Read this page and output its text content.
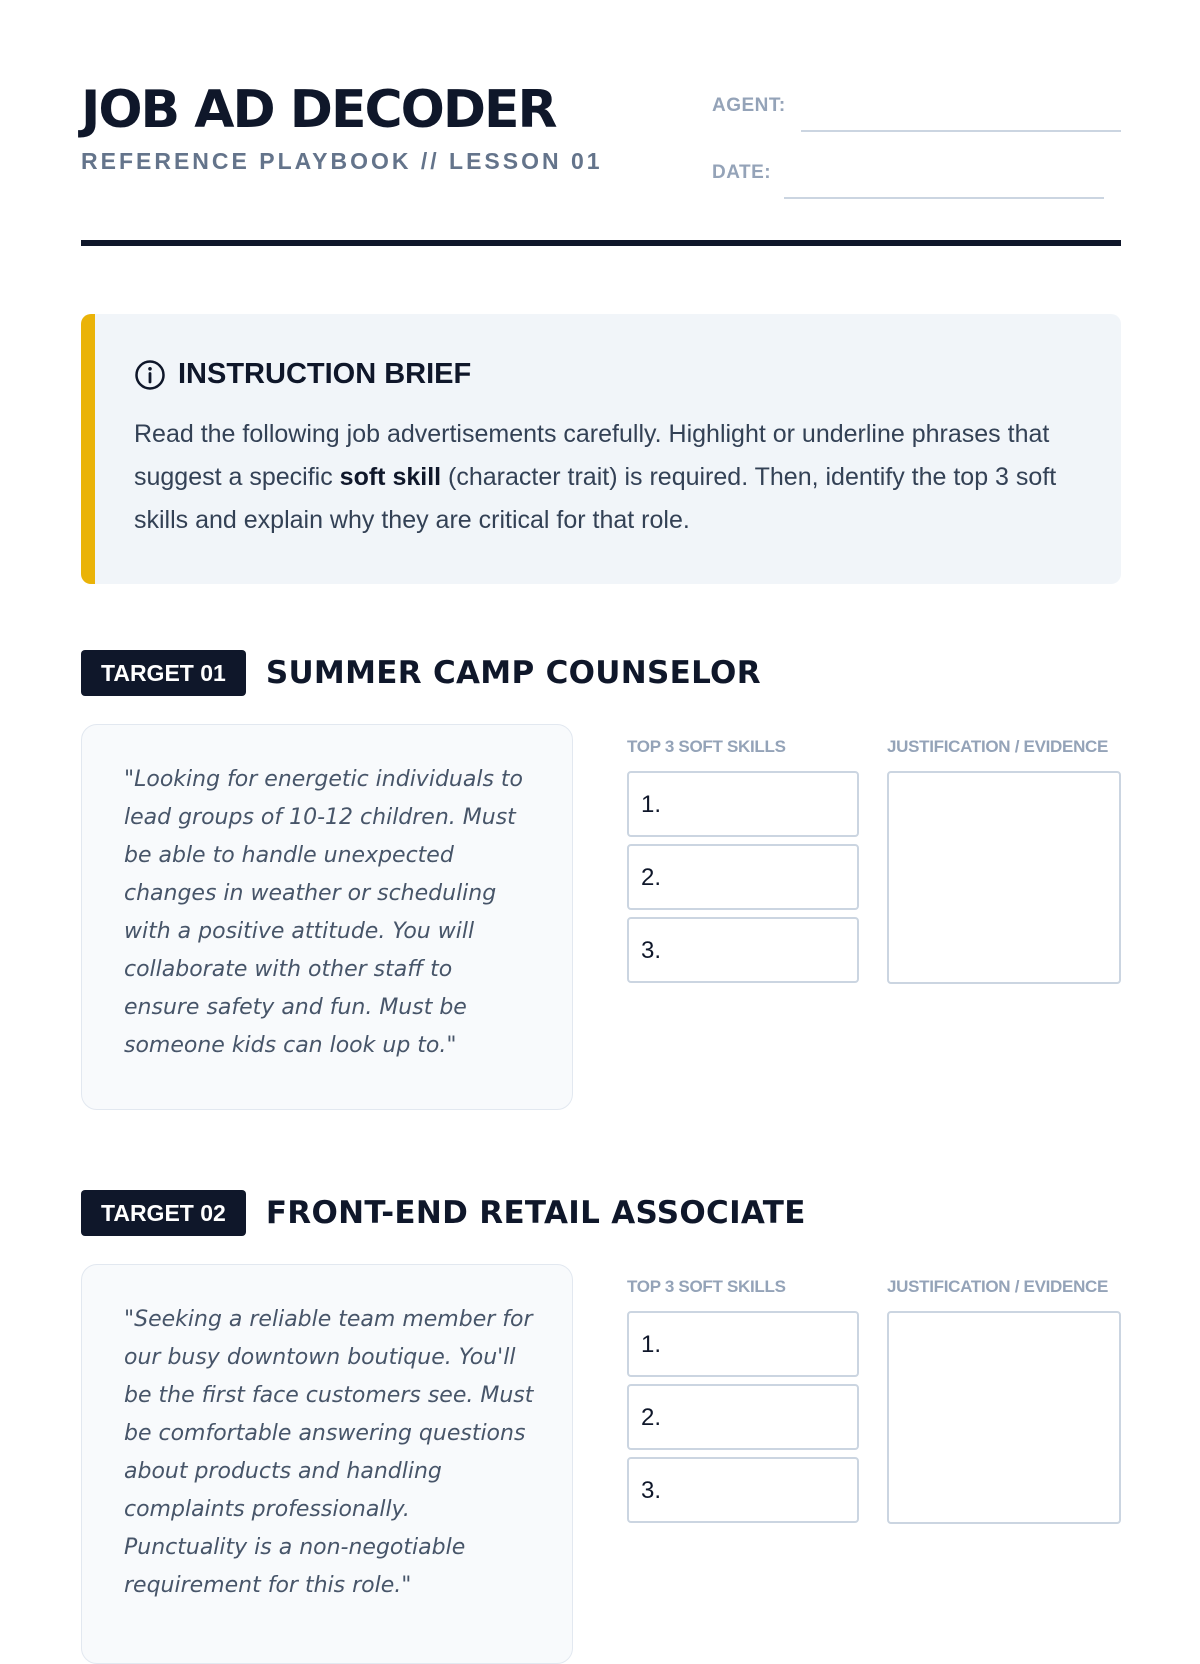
JOB AD DECODER
REFERENCE PLAYBOOK // LESSON 01
AGENT:
DATE:
INSTRUCTION BRIEF
Read the following job advertisements carefully. Highlight or underline phrases that suggest a specific soft skill (character trait) is required. Then, identify the top 3 soft skills and explain why they are critical for that role.
TARGET 01	SUMMER CAMP COUNSELOR
"Looking for energetic individuals to lead groups of 10-12 children. Must be able to handle unexpected changes in weather or scheduling with a positive attitude. You will collaborate with other staff to ensure safety and fun. Must be someone kids can look up to."
TOP 3 SOFT SKILLS	JUSTIFICATION / EVIDENCE
1.
2.
3.
TARGET 02	FRONT-END RETAIL ASSOCIATE
"Seeking a reliable team member for our busy downtown boutique. You'll be the first face customers see. Must be comfortable answering questions about products and handling complaints professionally. Punctuality is a non-negotiable requirement for this role."
TOP 3 SOFT SKILLS	JUSTIFICATION / EVIDENCE
1.
2.
3.
